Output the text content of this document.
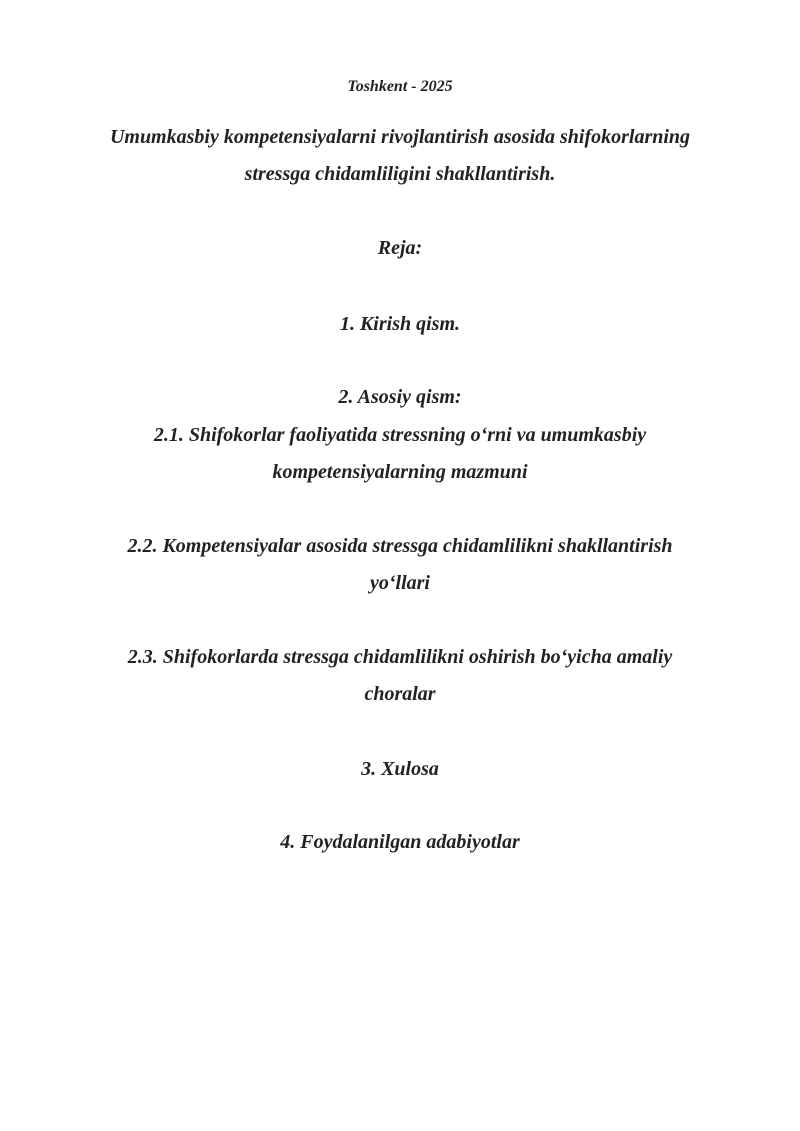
Toshkent - 2025
Umumkasbiy kompetensiyalarni rivojlantirish asosida shifokorlarning
stressga chidamliligini shakllantirish.
Reja:
1. Kirish qism.
2. Asosiy qism:
2.1. Shifokorlar faoliyatida stressning o‘rni va umumkasbiy
kompetensiyalarning mazmuni
2.2. Kompetensiyalar asosida stressga chidamlilikni shakllantirish
yo‘llari
2.3. Shifokorlarda stressga chidamlilikni oshirish bo‘yicha amaliy
choralar
3. Xulosa
4. Foydalanilgan adabiyotlar
